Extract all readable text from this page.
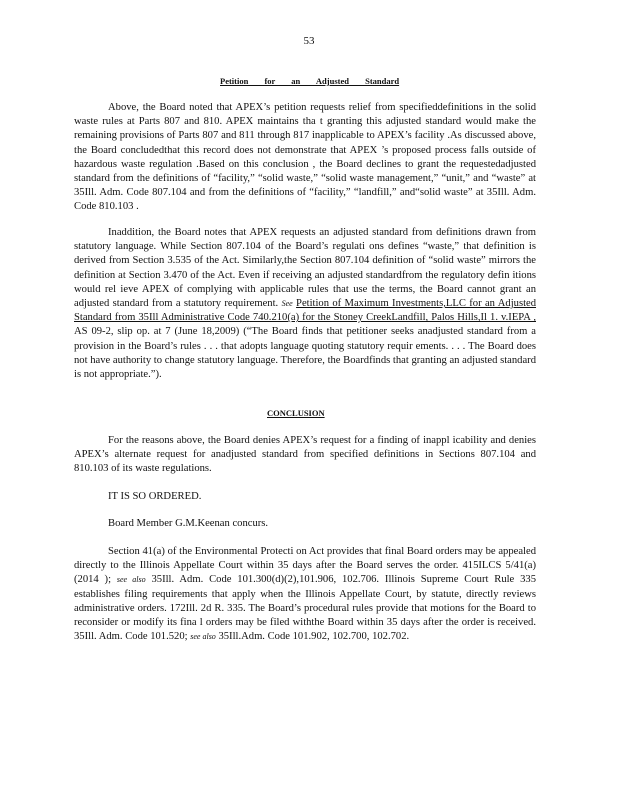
53
Petition for an Adjusted Standard

Above, the Board noted that APEX’s petition requests relief from specifieddefinitions in the solid waste rules at Parts 807 and 810. APEX maintains tha t granting this adjusted standard would make the remaining provisions of Parts 807 and 811 through 817 inapplicable to APEX’s facility .As discussed above, the Board concludedthat this record does not demonstrate that APEX ’s proposed process falls outside of hazardous waste regulation .Based on this conclusion , the Board declines to grant the requestedadjusted standard from the definitions of “facility,” “solid waste,” “solid waste management,” “unit,” and “waste” at 35Ill. Adm. Code 807.104 and from the definitions of “facility,” “landfill,” and“solid waste” at 35Ill. Adm. Code 810.103 .

Inaddition, the Board notes that APEX requests an adjusted standard from definitions drawn from statutory language. While Section 807.104 of the Board’s regulati ons defines “waste,” that definition is derived from Section 3.535 of the Act. Similarly,the Section 807.104 definition of “solid waste” mirrors the definition at Section 3.470 of the Act. Even if receiving an adjusted standardfrom the regulatory defin itions would rel ieve APEX of complying with applicable rules that use the terms, the Board cannot grant an adjusted standard from a statutory requirement. See Petition of Maximum Investments,LLC for an Adjusted Standard from 35Ill Administrative Code 740.210(a) for the Stoney CreekLandfill, Palos Hills,Il 1. v.IEPA , AS 09-2, slip op. at 7 (June 18,2009) (“The Board finds that petitioner seeks anadjusted standard from a provision in the Board’s rules . . . that adopts language quoting statutory requir ements. . . . The Board does not have authority to change statutory language. Therefore, the Boardfinds that granting an adjusted standard is not appropriate.”).

CONCLUSION

For the reasons above, the Board denies APEX’s request for a finding of inappl icability and denies APEX’s alternate request for anadjusted standard from specified definitions in Sections 807.104 and 810.103 of its waste regulations.

IT IS SO ORDERED.

Board Member G.M.Keenan concurs.

Section 41(a) of the Environmental Protecti on Act provides that final Board orders may be appealed directly to the Illinois Appellate Court within 35 days after the Board serves the order. 415ILCS 5/41(a) (2014 ); see also 35Ill. Adm. Code 101.300(d)(2),101.906, 102.706. Illinois Supreme Court Rule 335 establishes filing requirements that apply when the Illinois Appellate Court, by statute, directly reviews administrative orders. 172Ill. 2d R. 335. The Board’s procedural rules provide that motions for the Board to reconsider or modify its fina l orders may be filed withthe Board within 35 days after the order is received. 35Ill. Adm. Code 101.520; see also 35Ill.Adm. Code 101.902, 102.700, 102.702.
